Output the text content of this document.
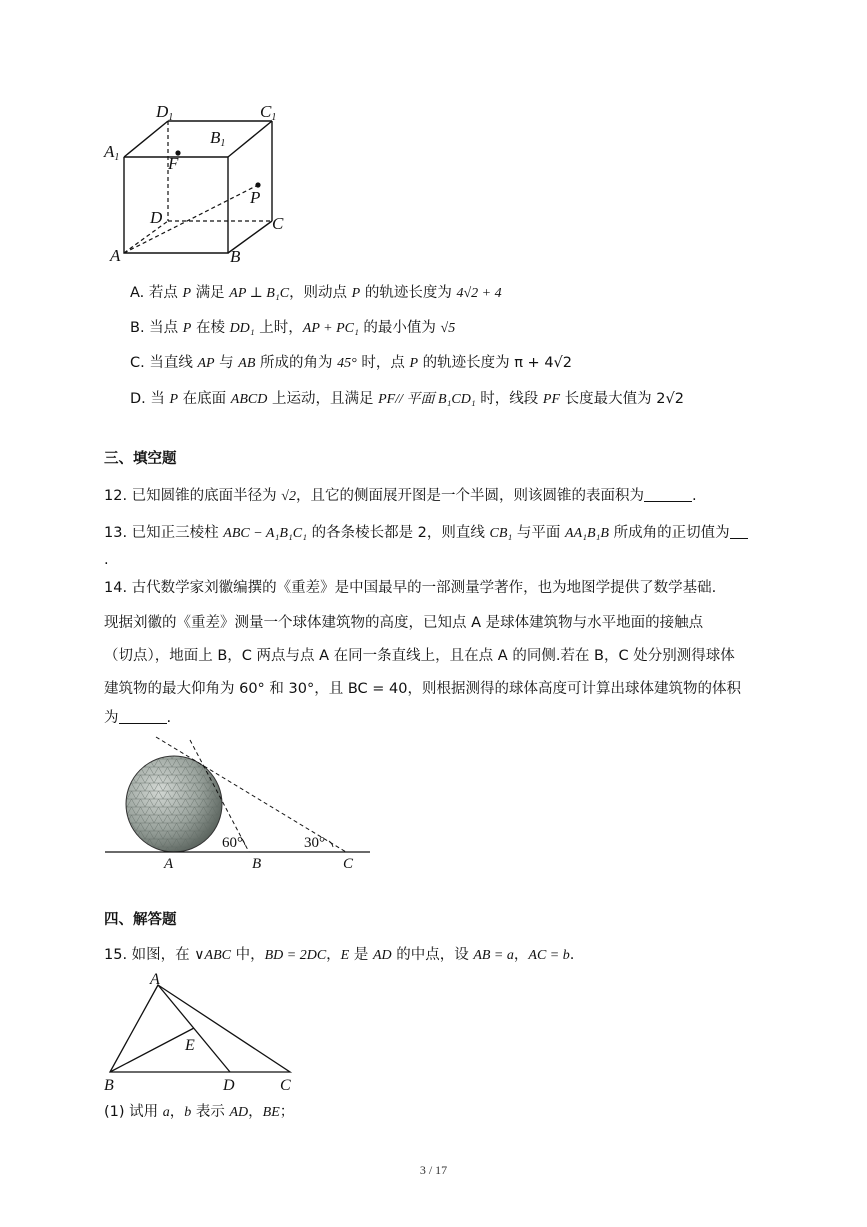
D1	C1
A1
B1
F
P
D	C
A	B
A. 若点 P 满足 AP ⊥ B₁C，则动点 P 的轨迹长度为 4√2 + 4
B. 当点 P 在棱 DD₁ 上时，AP + PC₁ 的最小值为 √5
C. 当直线 AP 与 AB 所成的角为 45° 时，点 P 的轨迹长度为 π + 4√2
D. 当 P 在底面 ABCD 上运动，且满足 PF// 平面 B₁CD₁ 时，线段 PF 长度最大值为 2√2
三、填空题
12. 已知圆锥的底面半径为 √2，且它的侧面展开图是一个半圆，则该圆锥的表面积为	.
13. 已知正三棱柱 ABC − A₁B₁C₁ 的各条棱长都是 2，则直线 CB₁ 与平面 AA₁B₁B 所成角的正切值为
.
14. 古代数学家刘徽编撰的《重差》是中国最早的一部测量学著作，也为地图学提供了数学基础.
现据刘徽的《重差》测量一个球体建筑物的高度，已知点 A 是球体建筑物与水平地面的接触点
（切点），地面上 B，C 两点与点 A 在同一条直线上，且在点 A 的同侧.若在 B，C 处分别测得球体
建筑物的最大仰角为 60° 和 30°，且 BC = 40，则根据测得的球体高度可计算出球体建筑物的体积
为	.
60°	30°
A	B	C
四、解答题
15. 如图，在 ∨ABC 中，BD = 2DC，E 是 AD 的中点，设 AB = a，AC = b.
A
E
B	D	C
(1) 试用 a，b 表示 AD，BE；
3 / 17
